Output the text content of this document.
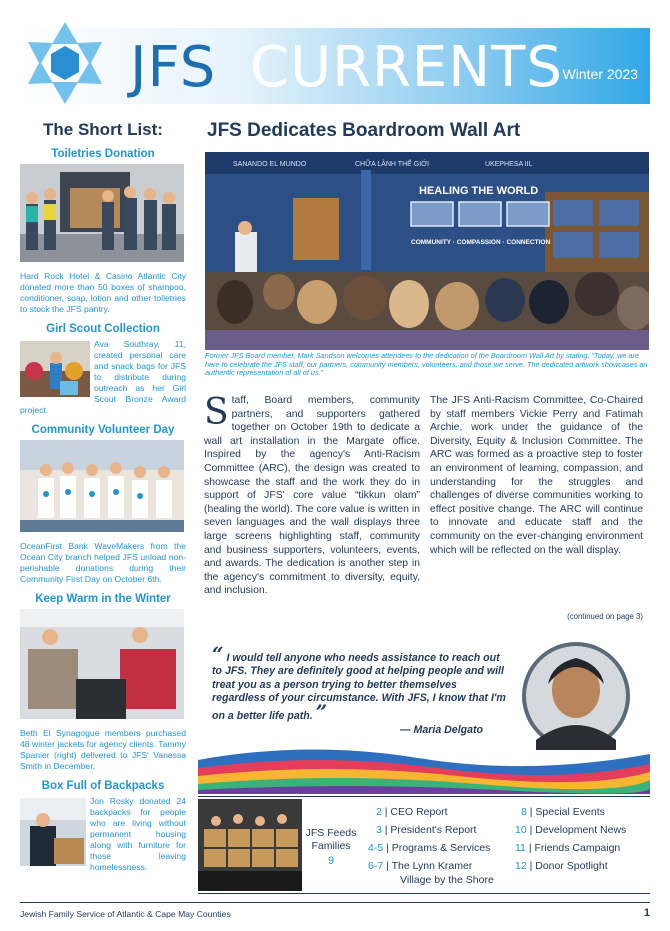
JFS CURRENTS Winter 2023
The Short List:
Toiletries Donation
Hard Rock Hotel & Casino Atlantic City donated more than 50 boxes of shampoo, conditioner, soap, lotion and other toiletries to stock the JFS pantry.
Girl Scout Collection
Ava Southray, 11, created personal care and snack bags for JFS to distribute during outreach as her Girl Scout Bronze Award project.
Community Volunteer Day
OceanFirst Bank WaveMakers from the Ocean City branch helped JFS unload non-perishable donations during their Community First Day on October 6th.
Keep Warm in the Winter
Beth El Synagogue members purchased 48 winter jackets for agency clients. Tammy Spanier (right) delivered to JFS' Vanessa Smith in December.
Box Full of Backpacks
Jon Rosky donated 24 backpacks for people who are living without permanent housing along with furniture for those leaving homelessness.
JFS Dedicates Boardroom Wall Art
SANANDO EL MUNDO	CHỮA LÀNH THẾ GIỚI	UKEPHESA IIL
HEALING THE WORLD
COMMUNITY · COMPASSION · CONNECTION
Former JFS Board member, Mark Sandson welcomes attendees to the dedication of the Boardroom Wall Art by stating, “Today, we are here to celebrate the JFS staff, our partners, community members, volunteers, and those we serve. The dedicated artwork showcases an authentic representation of all of us.”
Staff, Board members, community partners, and supporters gathered together on October 19th to dedicate a wall art installation in the Margate office. Inspired by the agency's Anti-Racism Committee (ARC), the design was created to showcase the staff and the work they do in support of JFS' core value “tikkun olam” (healing the world). The core value is written in seven languages and the wall displays three large screens highlighting staff, community and business supporters, volunteers, events, and awards. The dedication is another step in the agency's commitment to diversity, equity, and inclusion.
The JFS Anti-Racism Committee, Co-Chaired by staff members Vickie Perry and Fatimah Archie, work under the guidance of the Diversity, Equity & Inclusion Committee. The ARC was formed as a proactive step to foster an environment of learning, compassion, and understanding for the struggles and challenges of diverse communities working to effect positive change. The ARC will continue to innovate and educate staff and the community on the ever-changing environment which will be reflected on the wall display.
(continued on page 3)
“ I would tell anyone who needs assistance to reach out to JFS. They are definitely good at helping people and will treat you as a person trying to better themselves regardless of your circumstance. With JFS, I know that I'm on a better life path. ”
— Maria Delgato
JFS Feeds Families
9
2 | CEO Report
3 | President's Report
4-5 | Programs & Services
6-7 | The Lynn Kramer
Village by the Shore
8 | Special Events
10 | Development News
11 | Friends Campaign
12 | Donor Spotlight
Jewish Family Service of Atlantic & Cape May Counties	1
